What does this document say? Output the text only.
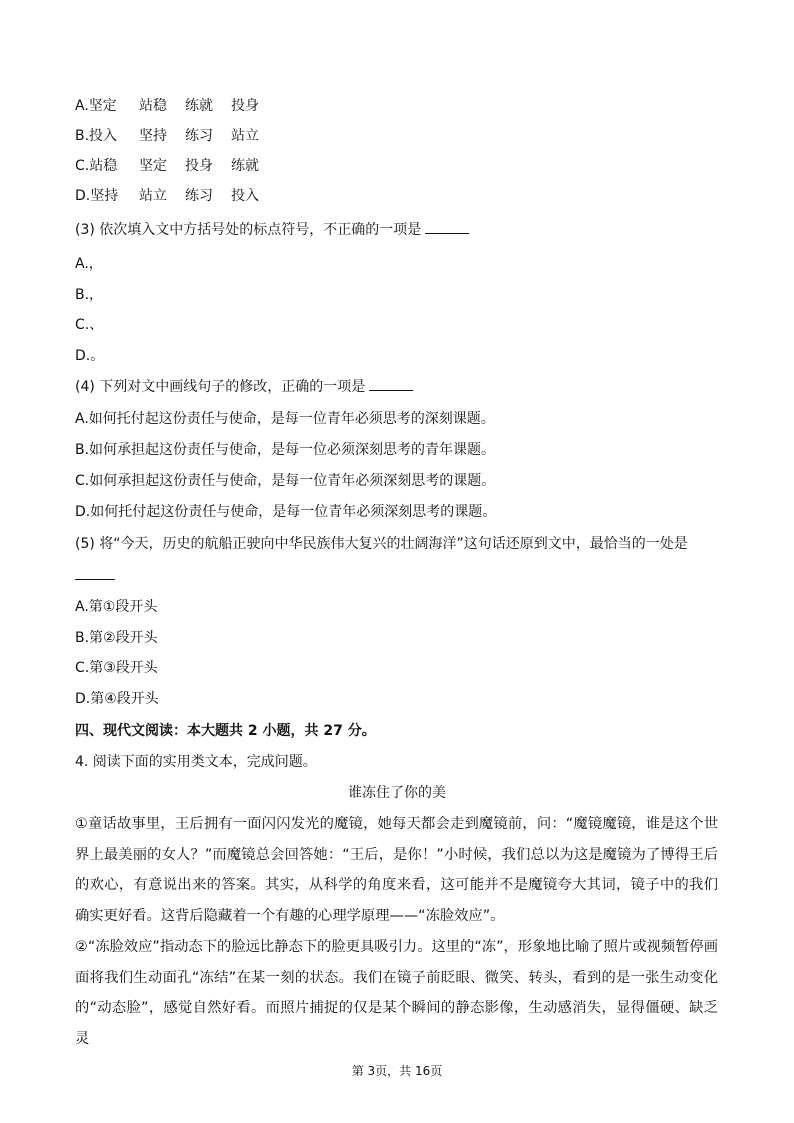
A.坚定 站稳 练就 投身
B.投入 坚持 练习 站立
C.站稳 坚定 投身 练就
D.坚持 站立 练习 投入
(3) 依次填入文中方括号处的标点符号，不正确的一项是
A.，
B.，
C.、
D.。
(4) 下列对文中画线句子的修改，正确的一项是
A.如何托付起这份责任与使命，是每一位青年必须思考的深刻课题。
B.如何承担起这份责任与使命，是每一位必须深刻思考的青年课题。
C.如何承担起这份责任与使命，是每一位青年必须深刻思考的课题。
D.如何托付起这份责任与使命，是每一位青年必须深刻思考的课题。
(5) 将“今天，历史的航船正驶向中华民族伟大复兴的壮阔海洋”这句话还原到文中，最恰当的一处是
A.第①段开头
B.第②段开头
C.第③段开头
D.第④段开头
四、现代文阅读：本大题共 2 小题，共 27 分。
4. 阅读下面的实用类文本，完成问题。
谁冻住了你的美
①童话故事里，王后拥有一面闪闪发光的魔镜，她每天都会走到魔镜前，问：“魔镜魔镜，谁是这个世界上最美丽的女人？”而魔镜总会回答她：“王后，是你！”小时候，我们总以为这是魔镜为了博得王后的欢心，有意说出来的答案。其实，从科学的角度来看，这可能并不是魔镜夸大其词，镜子中的我们确实更好看。这背后隐藏着一个有趣的心理学原理——“冻脸效应”。
②“冻脸效应”指动态下的脸远比静态下的脸更具吸引力。这里的“冻”，形象地比喻了照片或视频暂停画面将我们生动面孔“冻结”在某一刻的状态。我们在镜子前眨眼、微笑、转头，看到的是一张生动变化的“动态脸”，感觉自然好看。而照片捕捉的仅是某个瞬间的静态影像，生动感消失，显得僵硬、缺乏灵
第 3页，共 16页
